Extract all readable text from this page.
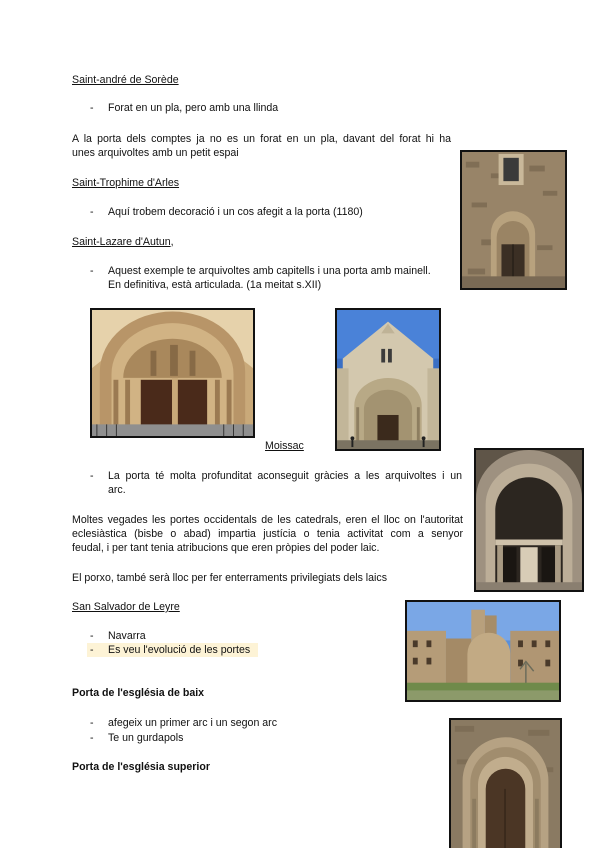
Saint-andré de Sorède
- Forat en un pla, pero amb una llinda
A la porta dels comptes ja no es un forat en un pla, davant del forat hi ha
unes arquivoltes amb un petit espai
Saint-Trophime d'Arles
- Aquí trobem decoració i un cos afegit a la porta (1180)
Saint-Lazare d'Autun,
- Aquest exemple te arquivoltes amb capitells i una porta amb mainell.
En definitiva, està articulada. (1a meitat s.XII)
Moissac
- La porta té molta profunditat aconseguit gràcies a les arquivoltes i un
arc.
Moltes vegades les portes occidentals de les catedrals, eren el lloc on l'autoritat
eclesiàstica (bisbe o abad) impartia justícia o tenia activitat com a senyor
feudal, i per tant tenia atribucions que eren pròpies del poder laic.
El porxo, també serà lloc per fer enterraments privilegiats dels laics
San Salvador de Leyre
- Navarra
- Es veu l'evolució de les portes
Porta de l'església de baix
- afegeix un primer arc i un segon arc
- Te un gurdapols
Porta de l'església superior
